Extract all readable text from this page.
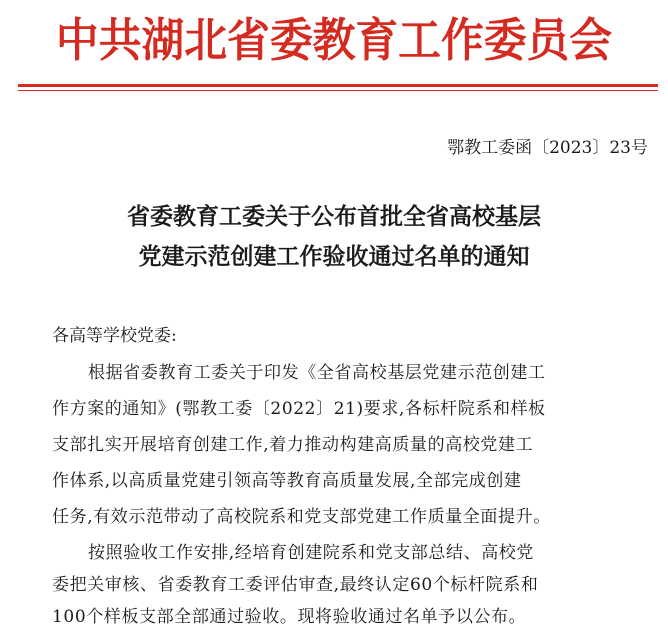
中共湖北省委教育工作委员会
鄂教工委函〔2023〕23号
省委教育工委关于公布首批全省高校基层
党建示范创建工作验收通过名单的通知
各高等学校党委:
根据省委教育工委关于印发《全省高校基层党建示范创建工
作方案的通知》(鄂教工委〔2022〕21)要求,各标杆院系和样板
支部扎实开展培育创建工作,着力推动构建高质量的高校党建工
作体系,以高质量党建引领高等教育高质量发展,全部完成创建
任务,有效示范带动了高校院系和党支部党建工作质量全面提升。
按照验收工作安排,经培育创建院系和党支部总结、高校党
委把关审核、省委教育工委评估审查,最终认定60个标杆院系和
100个样板支部全部通过验收。现将验收通过名单予以公布。
